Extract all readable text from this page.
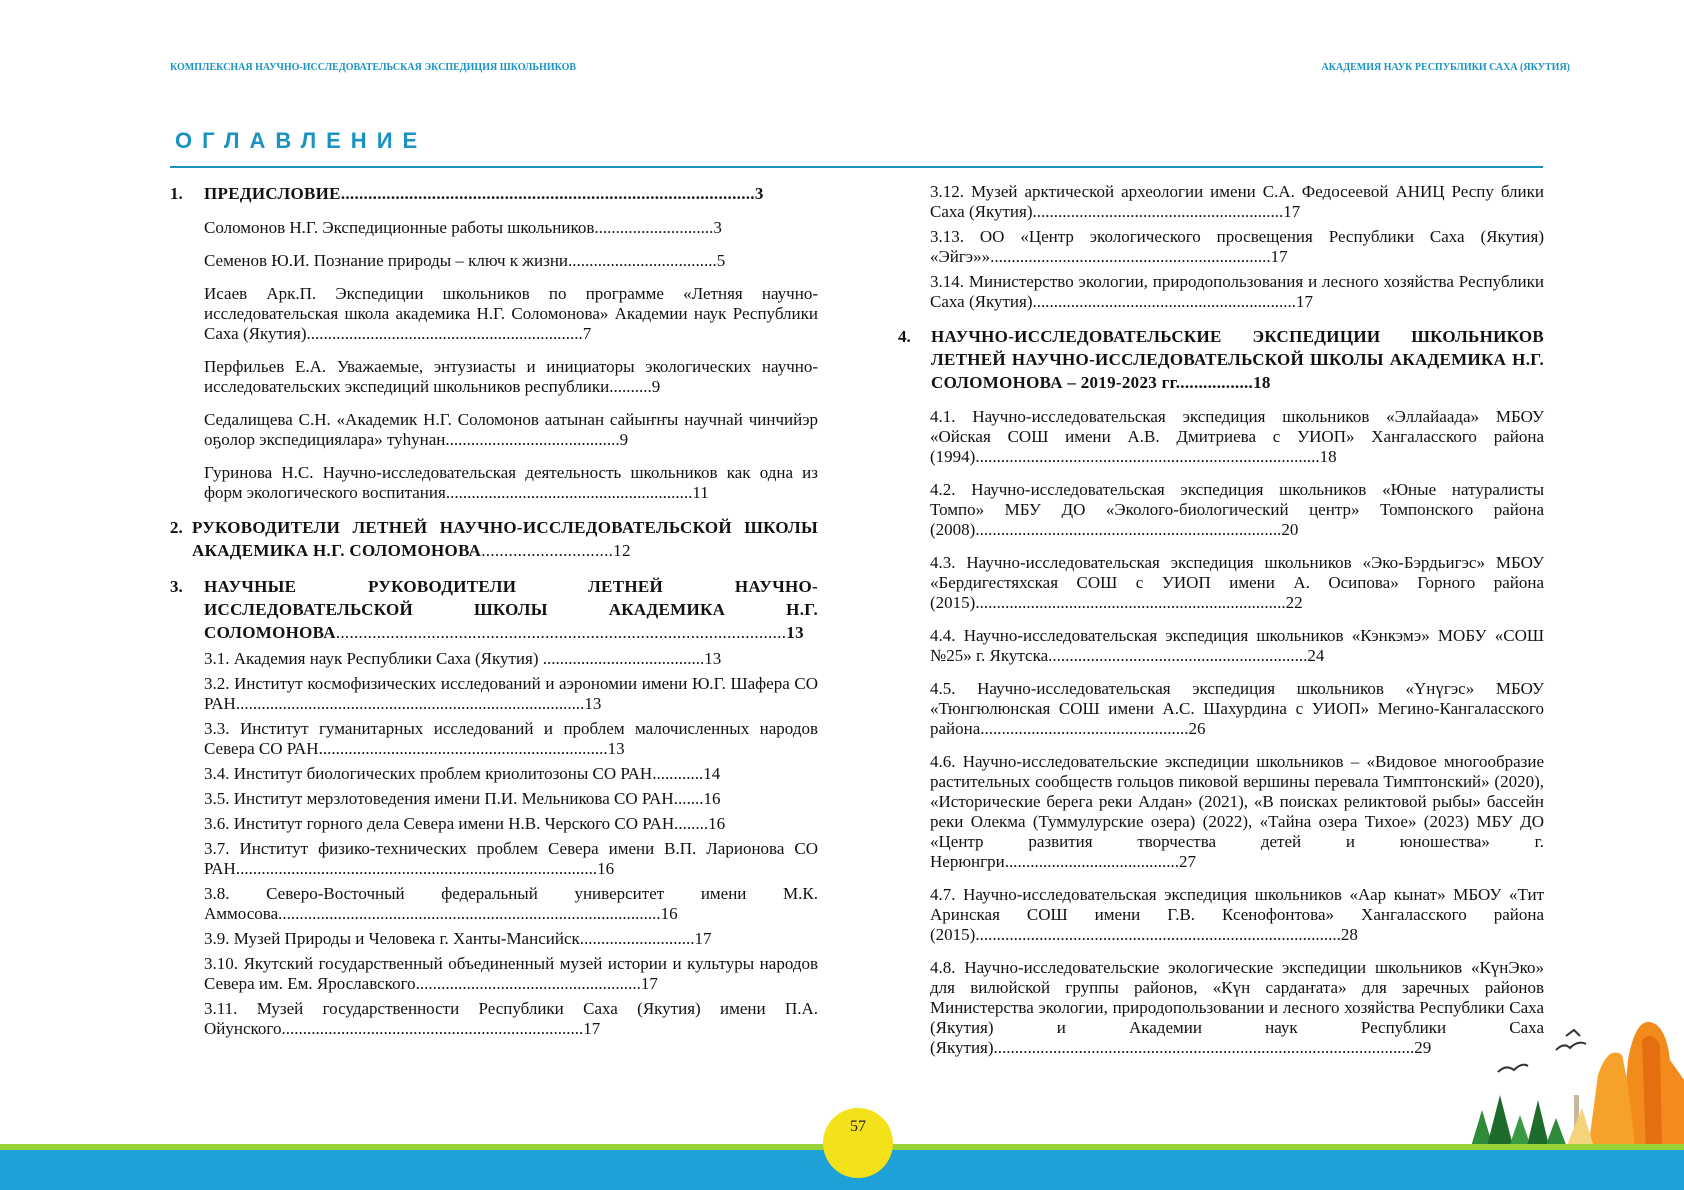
КОМПЛЕКСНАЯ НАУЧНО-ИССЛЕДОВАТЕЛЬСКАЯ ЭКСПЕДИЦИЯ ШКОЛЬНИКОВ	АКАДЕМИЯ НАУК РЕСПУБЛИКИ САХА (ЯКУТИЯ)
ОГЛАВЛЕНИЕ
1.	ПРЕДИСЛОВИЕ...........................................................................................3
Соломонов Н.Г. Экспедиционные работы школьников............................3
Семенов Ю.И. Познание природы – ключ к жизни...................................5
Исаев Арк.П. Экспедиции школьников по программе «Летняя научно-исследовательская школа академика Н.Г. Соломонова» Академии наук Республики Саха (Якутия).................................................................7
Перфильев Е.А. Уважаемые, энтузиасты и инициаторы экологических научно-исследовательских экспедиций школьников республики..........9
Седалищева С.Н. «Академик Н.Г. Соломонов аатынан сайыҥҥы научнай чинчийэр оҕолор экспедициялара» туһунан.........................................9
Гуринова Н.С. Научно-исследовательская деятельность школьников как одна из форм экологического воспитания..........................................................11
2. РУКОВОДИТЕЛИ ЛЕТНЕЙ НАУЧНО-ИССЛЕДОВАТЕЛЬСКОЙ ШКОЛЫ АКАДЕМИКА Н.Г. СОЛОМОНОВА.............................12
3.	НАУЧНЫЕ РУКОВОДИТЕЛИ ЛЕТНЕЙ НАУЧНО-ИССЛЕДОВАТЕЛЬСКОЙ ШКОЛЫ АКАДЕМИКА Н.Г. СОЛОМОНОВА...................................................................................................13
3.1. Академия наук Республики Саха (Якутия) ......................................13
3.2. Институт космофизических исследований и аэрономии имени Ю.Г. Шафера СО РАН..................................................................................13
3.3. Институт гуманитарных исследований и проблем малочисленных народов Севера СО РАН....................................................................13
3.4. Институт биологических проблем криолитозоны СО РАН............14
3.5. Институт мерзлотоведения имени П.И. Мельникова СО РАН.......16
3.6. Институт горного дела Севера имени Н.В. Черского СО РАН........16
3.7. Институт физико-технических проблем Севера имени В.П. Ларионова СО РАН.....................................................................................16
3.8. Северо-Восточный федеральный университет имени М.К. Аммосова..........................................................................................16
3.9. Музей Природы и Человека г. Ханты-Мансийск...........................17
3.10. Якутский государственный объединенный музей истории и культуры народов Севера им. Ем. Ярославского.....................................................17
3.11. Музей государственности Республики Саха (Якутия) имени П.А. Ойунского.......................................................................17
3.12. Музей арктической археологии имени С.А. Федосеевой АНИЦ Респу блики Саха (Якутия)...........................................................17
3.13. ОО «Центр экологического просвещения Республики Саха (Якутия) «Эйгэ»»..................................................................17
3.14. Министерство экологии, природопользования и лесного хозяйства Республики Саха (Якутия)..............................................................17
4.	НАУЧНО-ИССЛЕДОВАТЕЛЬСКИЕ ЭКСПЕДИЦИИ ШКОЛЬНИКОВ ЛЕТНЕЙ НАУЧНО-ИССЛЕДОВАТЕЛЬСКОЙ ШКОЛЫ АКАДЕМИКА Н.Г. СОЛОМОНОВА – 2019-2023 гг.................18
4.1. Научно-исследовательская экспедиция школьников «Эллайаада» МБОУ «Ойская СОШ имени А.В. Дмитриева с УИОП» Хангаласского района (1994).................................................................................18
4.2. Научно-исследовательская экспедиция школьников «Юные натуралисты Томпо» МБУ ДО «Эколого-биологический центр» Томпонского района (2008)........................................................................20
4.3. Научно-исследовательская экспедиция школьников «Эко-Бэрдьигэс» МБОУ «Бердигестяхская СОШ с УИОП имени А. Осипова» Горного района (2015).........................................................................22
4.4. Научно-исследовательская экспедиция школьников «Кэнкэмэ» МОБУ «СОШ №25» г. Якутска.............................................................24
4.5. Научно-исследовательская экспедиция школьников «Үнүгэс» МБОУ «Тюнгюлюнская СОШ имени А.С. Шахурдина с УИОП» Мегино-Кангаласского района.................................................26
4.6. Научно-исследовательские экспедиции школьников – «Видовое многообразие растительных сообществ гольцов пиковой вершины перевала Тимптонский» (2020), «Исторические берега реки Алдан» (2021), «В поисках реликтовой рыбы» бассейн реки Олекма (Туммулурские озера) (2022), «Тайна озера Тихое» (2023) МБУ ДО «Центр развития творчества детей и юношества» г. Нерюнгри.........................................27
4.7. Научно-исследовательская экспедиция школьников «Аар кынат» МБОУ «Тит Аринская СОШ имени Г.В. Ксенофонтова» Хангаласского района (2015)......................................................................................28
4.8. Научно-исследовательские экологические экспедиции школьников «КүнЭко» для вилюйской группы районов, «Күн сардаҥата» для заречных районов Министерства экологии, природопользовании и лесного хозяйства Республики Саха (Якутия) и Академии наук Республики Саха (Якутия)...................................................................................................29
57
